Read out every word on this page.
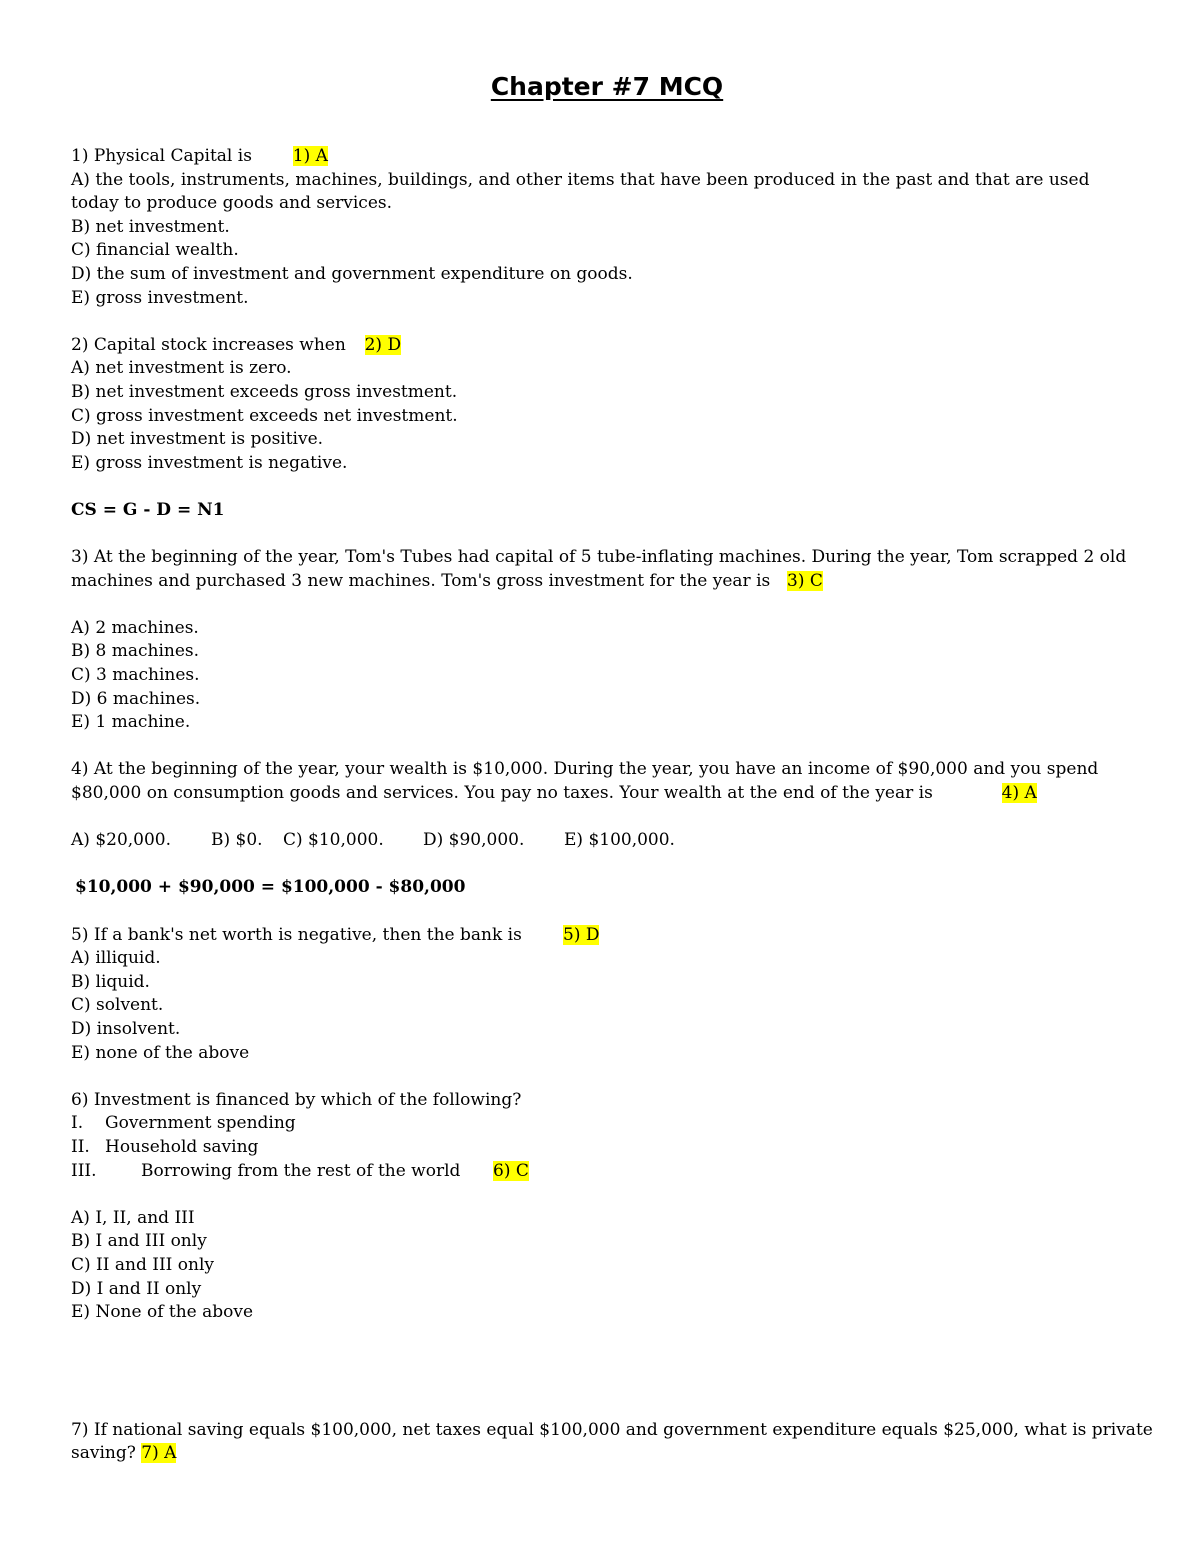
Chapter #7 MCQ
1) Physical Capital is 1) A
A) the tools, instruments, machines, buildings, and other items that have been produced in the past and that are used today to produce goods and services.
B) net investment.
C) financial wealth.
D) the sum of investment and government expenditure on goods.
E) gross investment.
2) Capital stock increases when 2) D
A) net investment is zero.
B) net investment exceeds gross investment.
C) gross investment exceeds net investment.
D) net investment is positive.
E) gross investment is negative.
CS = G - D = N1
3) At the beginning of the year, Tom's Tubes had capital of 5 tube-inflating machines. During the year, Tom scrapped 2 old
machines and purchased 3 new machines. Tom's gross investment for the year is 3) C
A) 2 machines.
B) 8 machines.
C) 3 machines.
D) 6 machines.
E) 1 machine.
4) At the beginning of the year, your wealth is $10,000. During the year, you have an income of $90,000 and you spend
$80,000 on consumption goods and services. You pay no taxes. Your wealth at the end of the year is	4) A
A) $20,000. B) $0. C) $10,000. D) $90,000. E) $100,000.
$10,000 + $90,000 = $100,000 - $80,000
5) If a bank's net worth is negative, then the bank is 5) D
A) illiquid.
B) liquid.
C) solvent.
D) insolvent.
E) none of the above
6) Investment is financed by which of the following?
I. Government spending
II. Household saving
III.	Borrowing from the rest of the world 6) C
A) I, II, and III
B) I and III only
C) II and III only
D) I and II only
E) None of the above
7) If national saving equals $100,000, net taxes equal $100,000 and government expenditure equals $25,000, what is private
saving? 7) A
